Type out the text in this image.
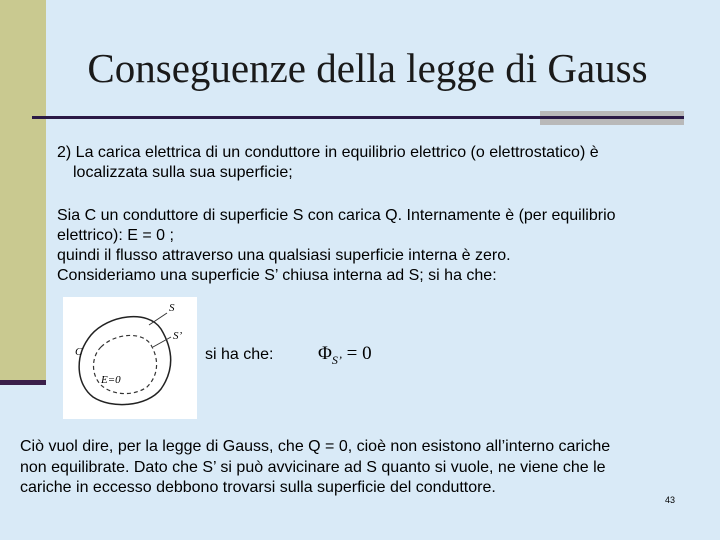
Conseguenze della legge di Gauss
2) La carica elettrica di un conduttore in equilibrio elettrico (o elettrostatico) è
localizzata sulla sua superficie;
Sia C un conduttore di superficie S con carica Q. Internamente è (per equilibrio
elettrico): E = 0 ;
quindi il flusso attraverso una qualsiasi superficie interna è zero.
Consideriamo una superficie S’ chiusa interna ad S; si ha che:
S
S’
C
E=0
si ha che: $\Phi_{S’} = 0$
Ciò vuol dire, per la legge di Gauss, che Q = 0, cioè non esistono all’interno cariche
non equilibrate. Dato che S’ si può avvicinare ad S quanto si vuole, ne viene che le
cariche in eccesso debbono trovarsi sulla superficie del conduttore.
43
